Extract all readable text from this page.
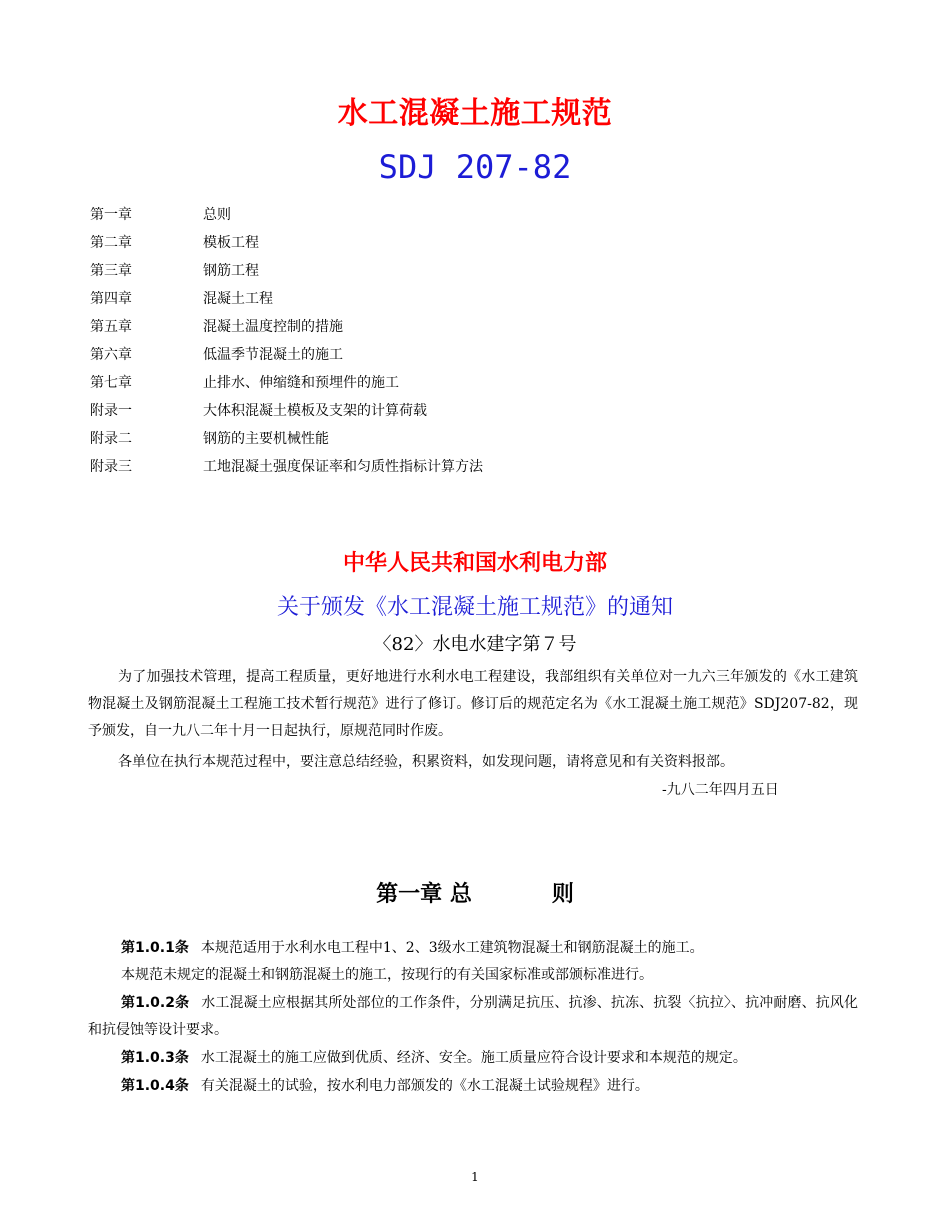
水工混凝土施工规范
SDJ 207-82
第一章	总则
第二章	模板工程
第三章	钢筋工程
第四章	混凝土工程
第五章	混凝土温度控制的措施
第六章	低温季节混凝土的施工
第七章	止排水、伸缩缝和预埋件的施工
附录一	大体积混凝土模板及支架的计算荷载
附录二	钢筋的主要机械性能
附录三	工地混凝土强度保证率和匀质性指标计算方法
中华人民共和国水利电力部
关于颁发《水工混凝土施工规范》的通知
〈82〉水电水建字第７号
为了加强技术管理，提高工程质量，更好地进行水利水电工程建设，我部组织有关单位对一九六三年颁发的《水工建筑物混凝土及钢筋混凝土工程施工技术暂行规范》进行了修订。修订后的规范定名为《水工混凝土施工规范》SDJ207-82，现予颁发，自一九八二年十月一日起执行，原规范同时作废。
各单位在执行本规范过程中，要注意总结经验，积累资料，如发现问题，请将意见和有关资料报部。
-九八二年四月五日
第一章 总	则
第1.0.1条 本规范适用于水利水电工程中1、2、3级水工建筑物混凝土和钢筋混凝土的施工。
本规范未规定的混凝土和钢筋混凝土的施工，按现行的有关国家标准或部颁标准进行。
第1.0.2条 水工混凝土应根据其所处部位的工作条件，分别满足抗压、抗渗、抗冻、抗裂〈抗拉〉、抗冲耐磨、抗风化和抗侵蚀等设计要求。
第1.0.3条 水工混凝土的施工应做到优质、经济、安全。施工质量应符合设计要求和本规范的规定。
第1.0.4条 有关混凝土的试验，按水利电力部颁发的《水工混凝土试验规程》进行。
1
